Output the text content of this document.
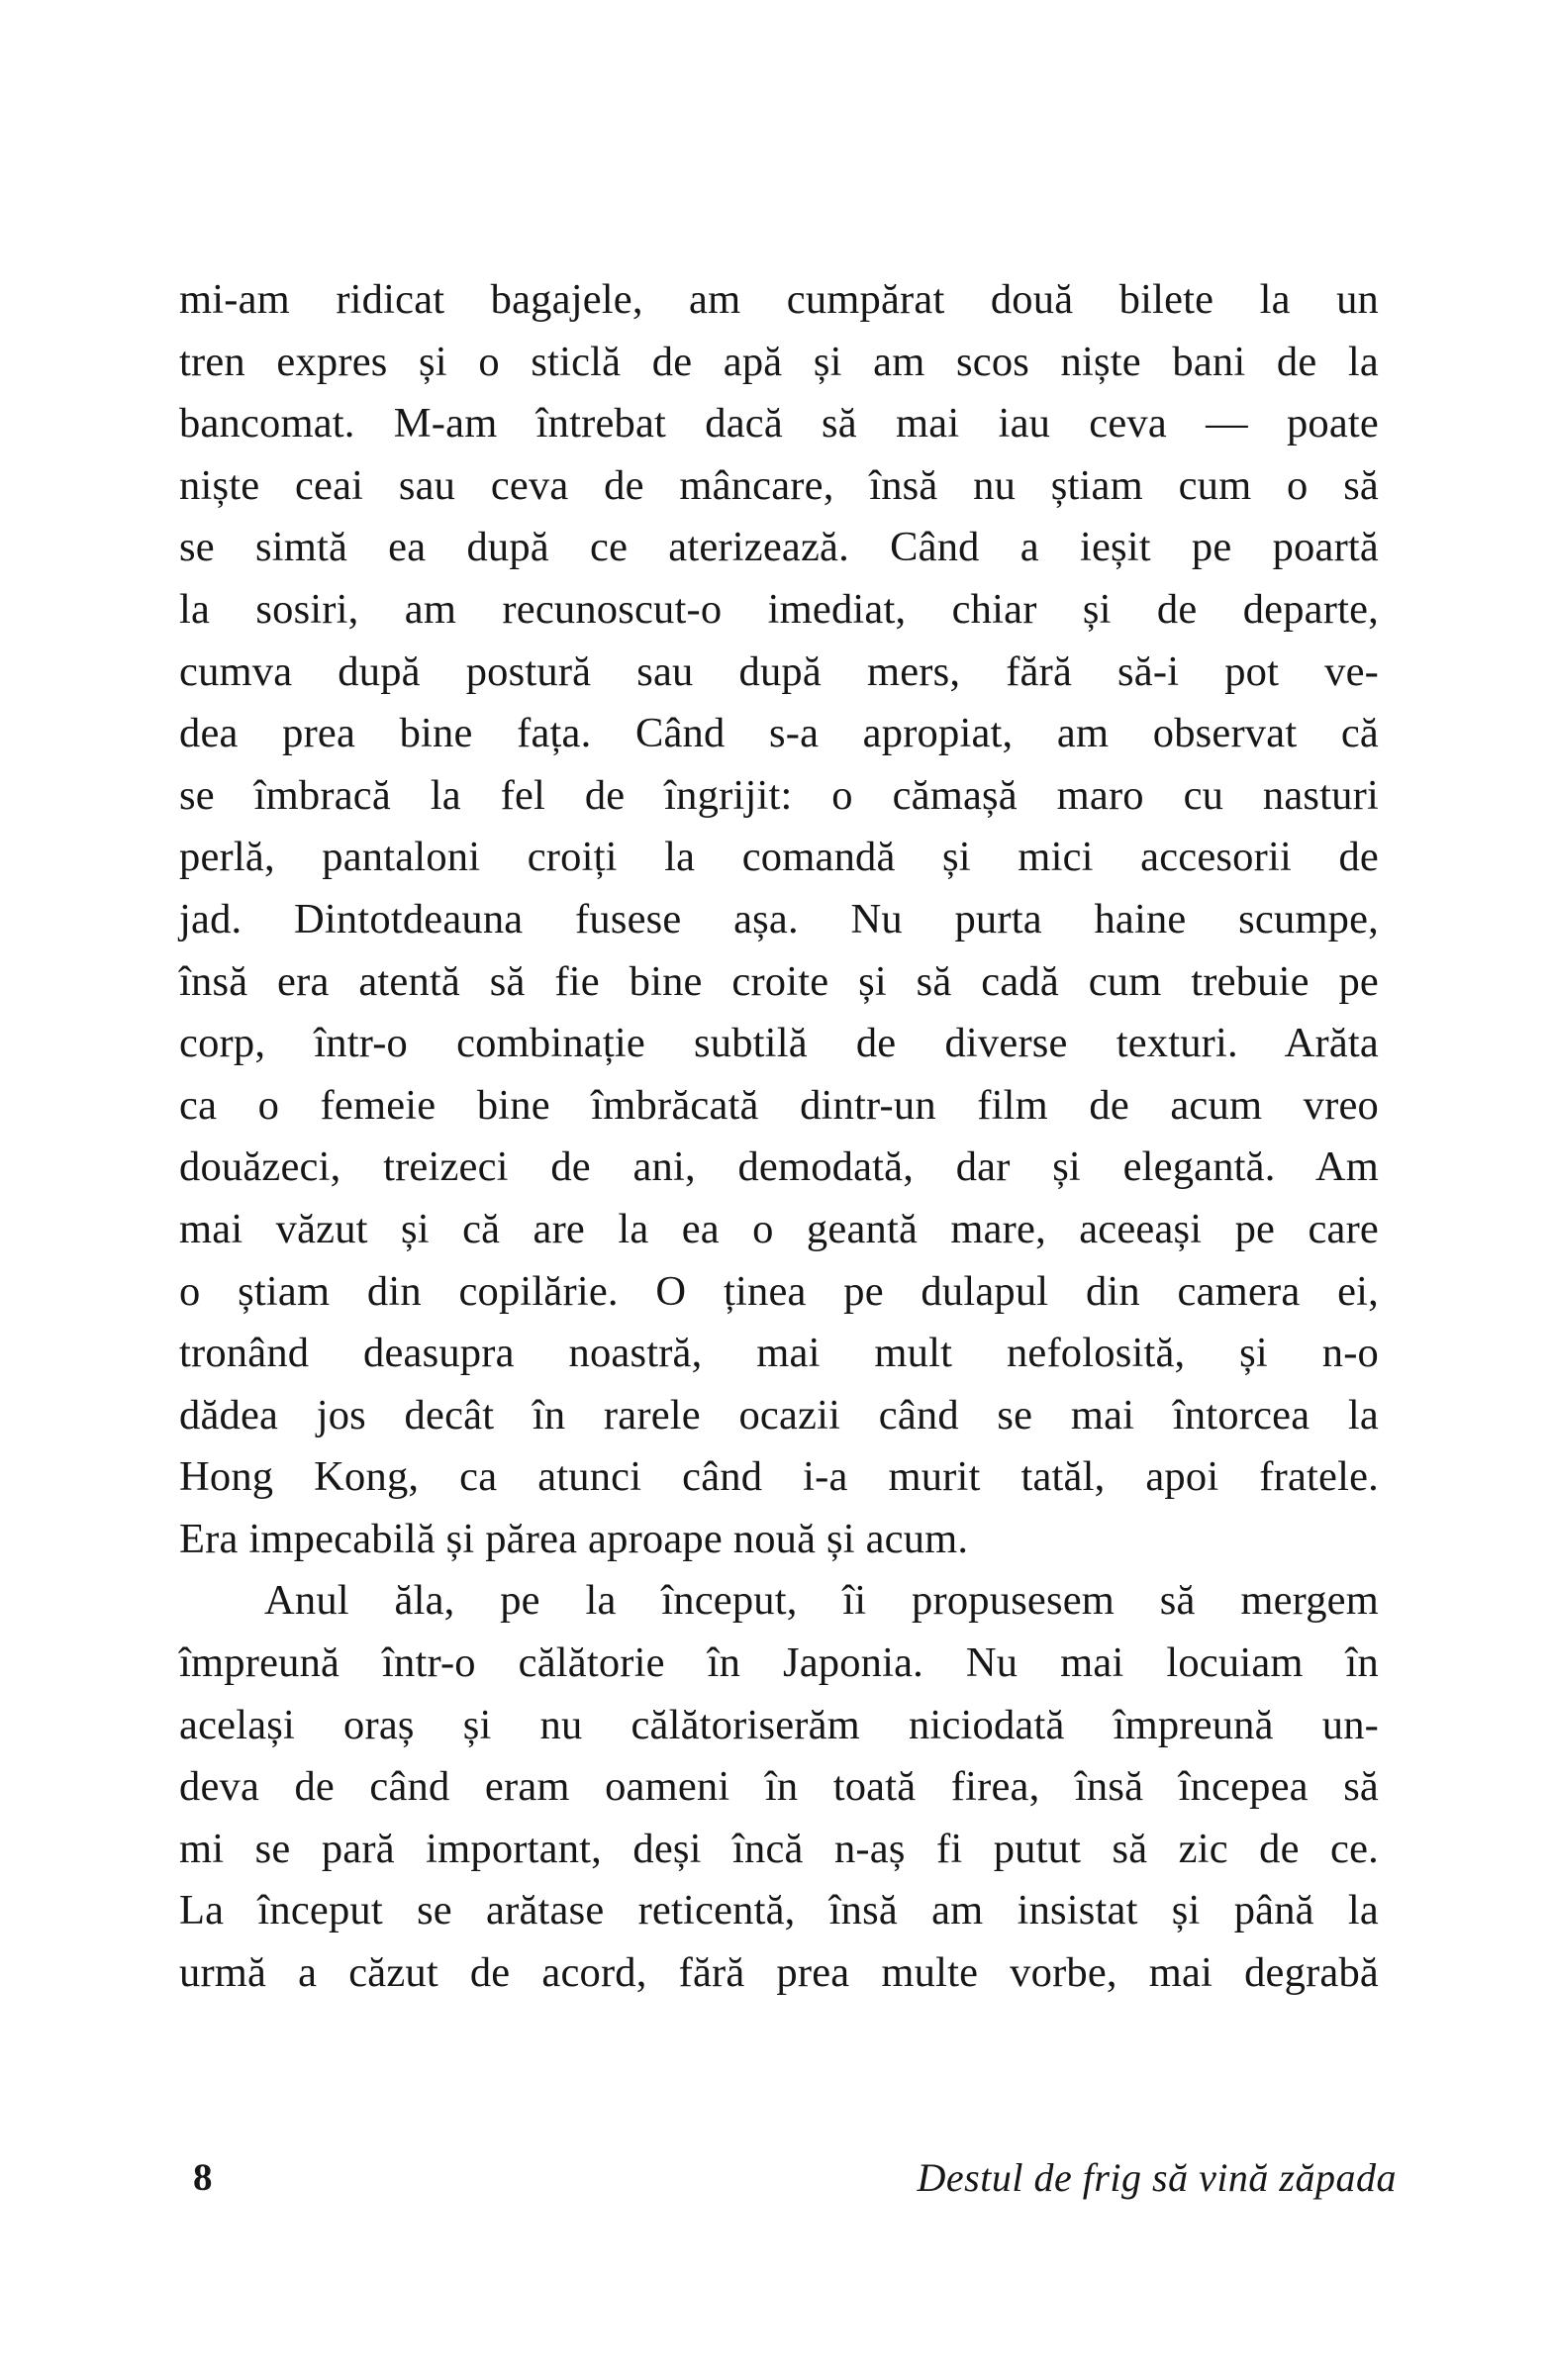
mi-am ridicat bagajele, am cumpărat două bilete la un
tren expres și o sticlă de apă și am scos niște bani de la
bancomat. M-am întrebat dacă să mai iau ceva — poate
niște ceai sau ceva de mâncare, însă nu știam cum o să
se simtă ea după ce aterizează. Când a ieșit pe poartă
la sosiri, am recunoscut-o imediat, chiar și de departe,
cumva după postură sau după mers, fără să-i pot ve-
dea prea bine fața. Când s-a apropiat, am observat că
se îmbracă la fel de îngrijit: o cămașă maro cu nasturi
perlă, pantaloni croiți la comandă și mici accesorii de
jad. Dintotdeauna fusese așa. Nu purta haine scumpe,
însă era atentă să fie bine croite și să cadă cum trebuie pe
corp, într-o combinație subtilă de diverse texturi. Arăta
ca o femeie bine îmbrăcată dintr-un film de acum vreo
douăzeci, treizeci de ani, demodată, dar și elegantă. Am
mai văzut și că are la ea o geantă mare, aceeași pe care
o știam din copilărie. O ținea pe dulapul din camera ei,
tronând deasupra noastră, mai mult nefolosită, și n-o
dădea jos decât în rarele ocazii când se mai întorcea la
Hong Kong, ca atunci când i-a murit tatăl, apoi fratele.
Era impecabilă și părea aproape nouă și acum.
Anul ăla, pe la început, îi propusesem să mergem
împreună într-o călătorie în Japonia. Nu mai locuiam în
același oraș și nu călătoriserăm niciodată împreună un-
deva de când eram oameni în toată firea, însă începea să
mi se pară important, deși încă n-aș fi putut să zic de ce.
La început se arătase reticentă, însă am insistat și până la
urmă a căzut de acord, fără prea multe vorbe, mai degrabă
8	Destul de frig să vină zăpada
